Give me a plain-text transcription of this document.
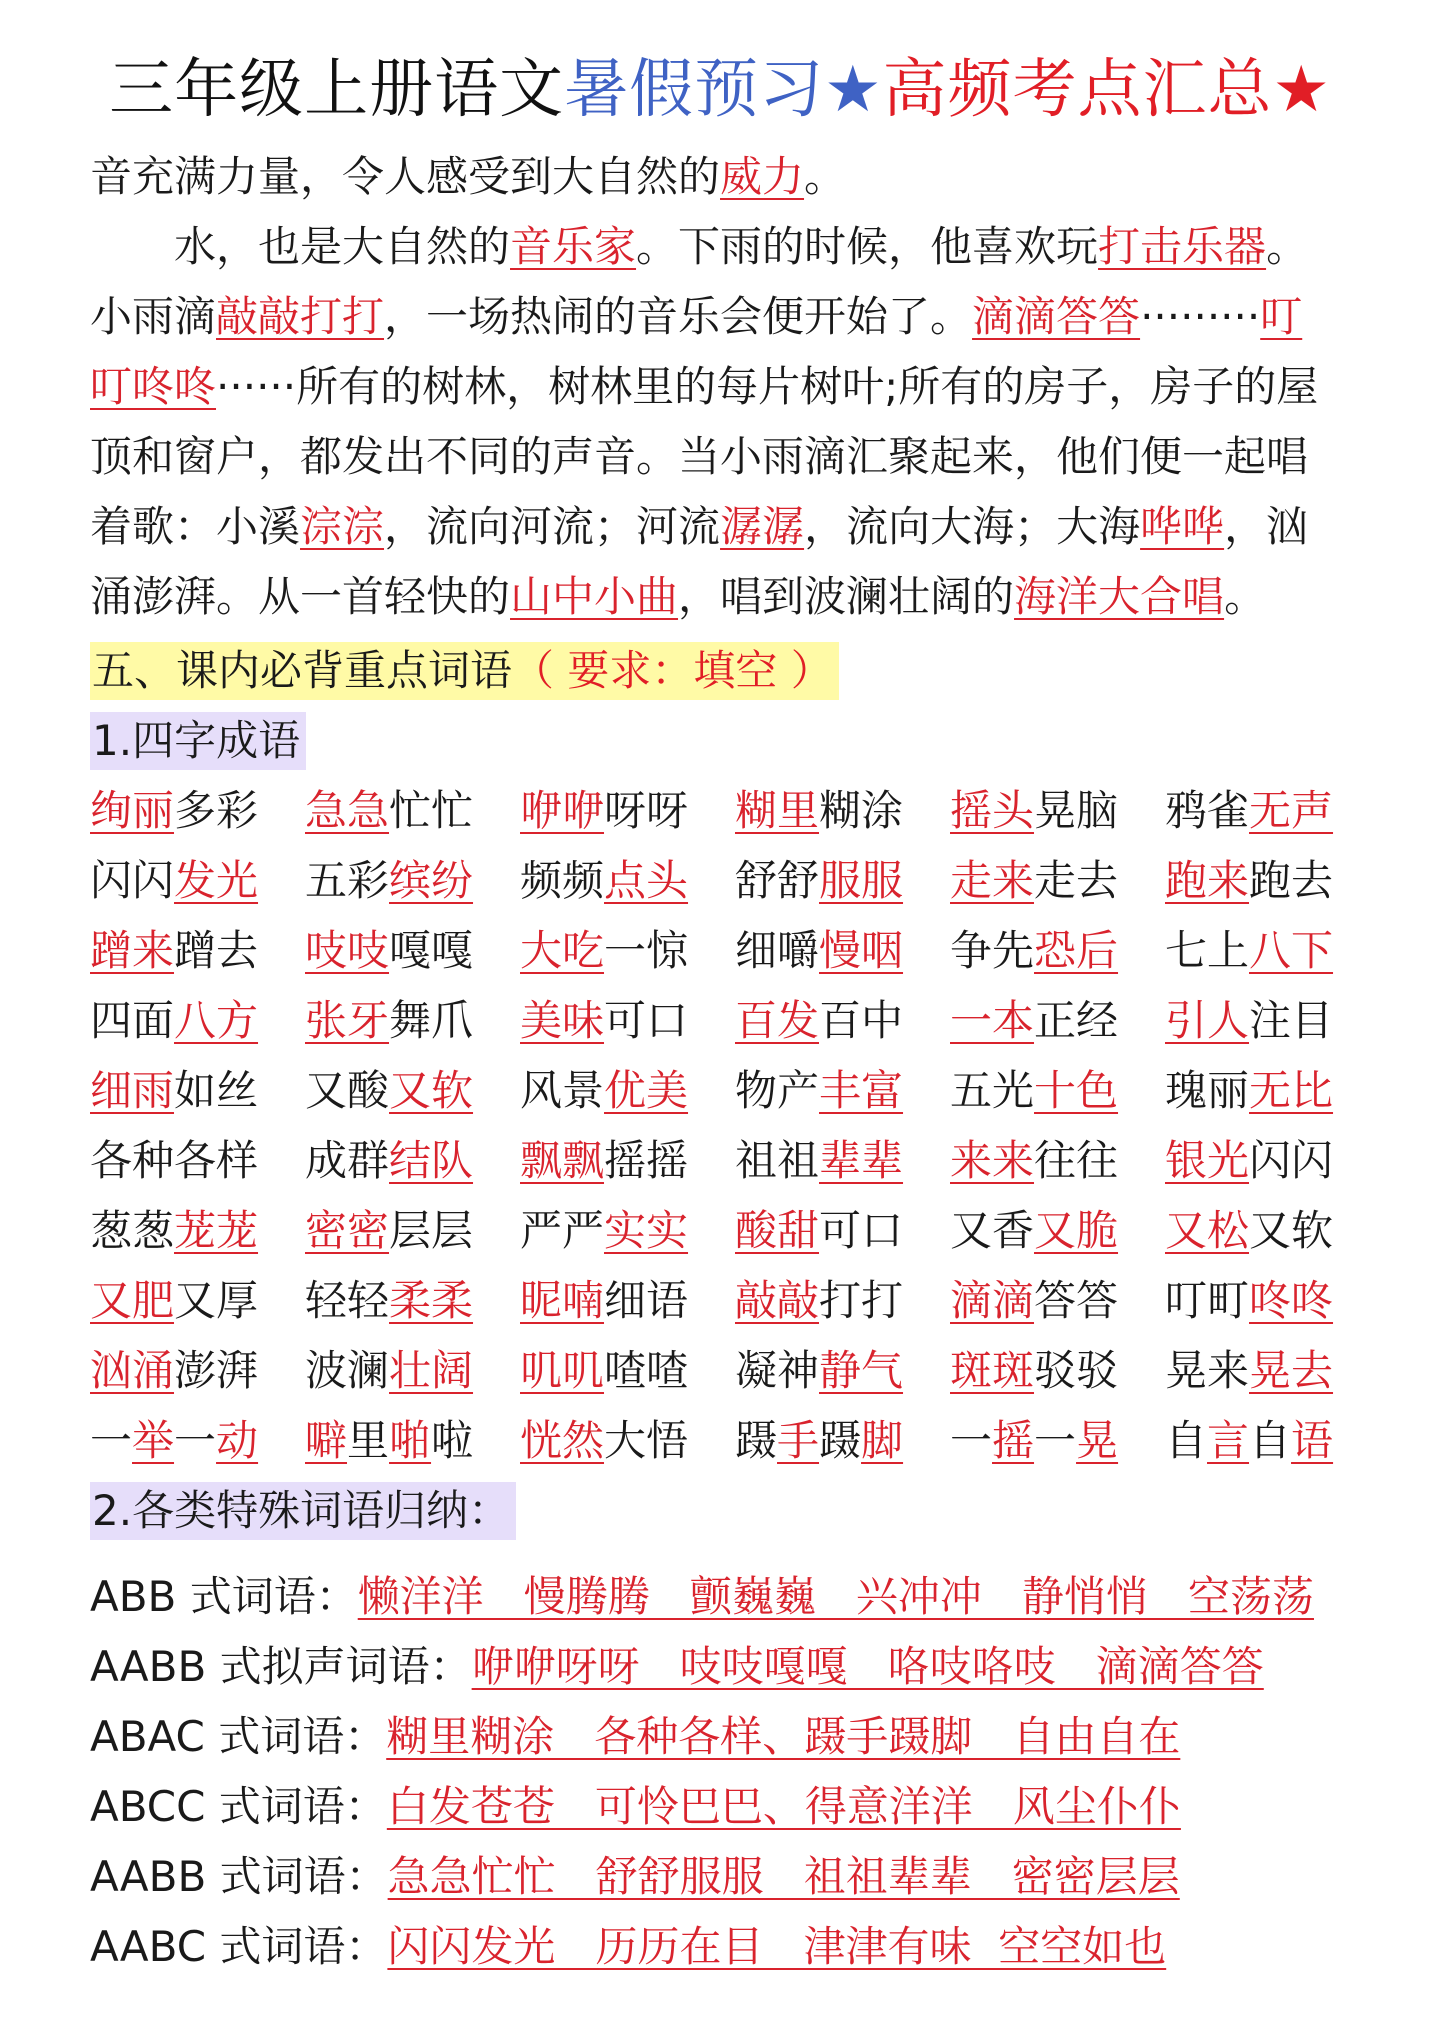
三年级上册语文暑假预习★高频考点汇总★
音充满力量，令人感受到大自然的威力。
水，也是大自然的音乐家。下雨的时候，他喜欢玩打击乐器。
小雨滴敲敲打打，一场热闹的音乐会便开始了。滴滴答答·········叮
叮咚咚······所有的树林，树林里的每片树叶;所有的房子，房子的屋
顶和窗户，都发出不同的声音。当小雨滴汇聚起来，他们便一起唱
着歌：小溪淙淙，流向河流；河流潺潺，流向大海；大海哗哗，汹
涌澎湃。从一首轻快的山中小曲，唱到波澜壮阔的海洋大合唱。
五、课内必背重点词语（ 要求：填空 ）
1.四字成语
绚丽多彩	急急忙忙	咿咿呀呀	糊里糊涂	摇头晃脑	鸦雀无声
闪闪发光	五彩缤纷	频频点头	舒舒服服	走来走去	跑来跑去
蹭来蹭去	吱吱嘎嘎	大吃一惊	细嚼慢咽	争先恐后	七上八下
四面八方	张牙舞爪	美味可口	百发百中	一本正经	引人注目
细雨如丝	又酸又软	风景优美	物产丰富	五光十色	瑰丽无比
各种各样	成群结队	飘飘摇摇	祖祖辈辈	来来往往	银光闪闪
葱葱茏茏	密密层层	严严实实	酸甜可口	又香又脆	又松又软
又肥又厚	轻轻柔柔	昵喃细语	敲敲打打	滴滴答答	叮町咚咚
汹涌澎湃	波澜壮阔	叽叽喳喳	凝神静气	斑斑驳驳	晃来晃去
一举一动	噼里啪啦	恍然大悟	蹑手蹑脚	一摇一晃	自言自语
2.各类特殊词语归纳：
ABB 式词语：懒洋洋   慢腾腾   颤巍巍   兴冲冲   静悄悄   空荡荡
AABB 式拟声词语：咿咿呀呀   吱吱嘎嘎   咯吱咯吱   滴滴答答
ABAC 式词语：糊里糊涂   各种各样、蹑手蹑脚   自由自在
ABCC 式词语：白发苍苍   可怜巴巴、得意洋洋   风尘仆仆
AABB 式词语：急急忙忙   舒舒服服   祖祖辈辈   密密层层
AABC 式词语：闪闪发光   历历在目   津津有味  空空如也
